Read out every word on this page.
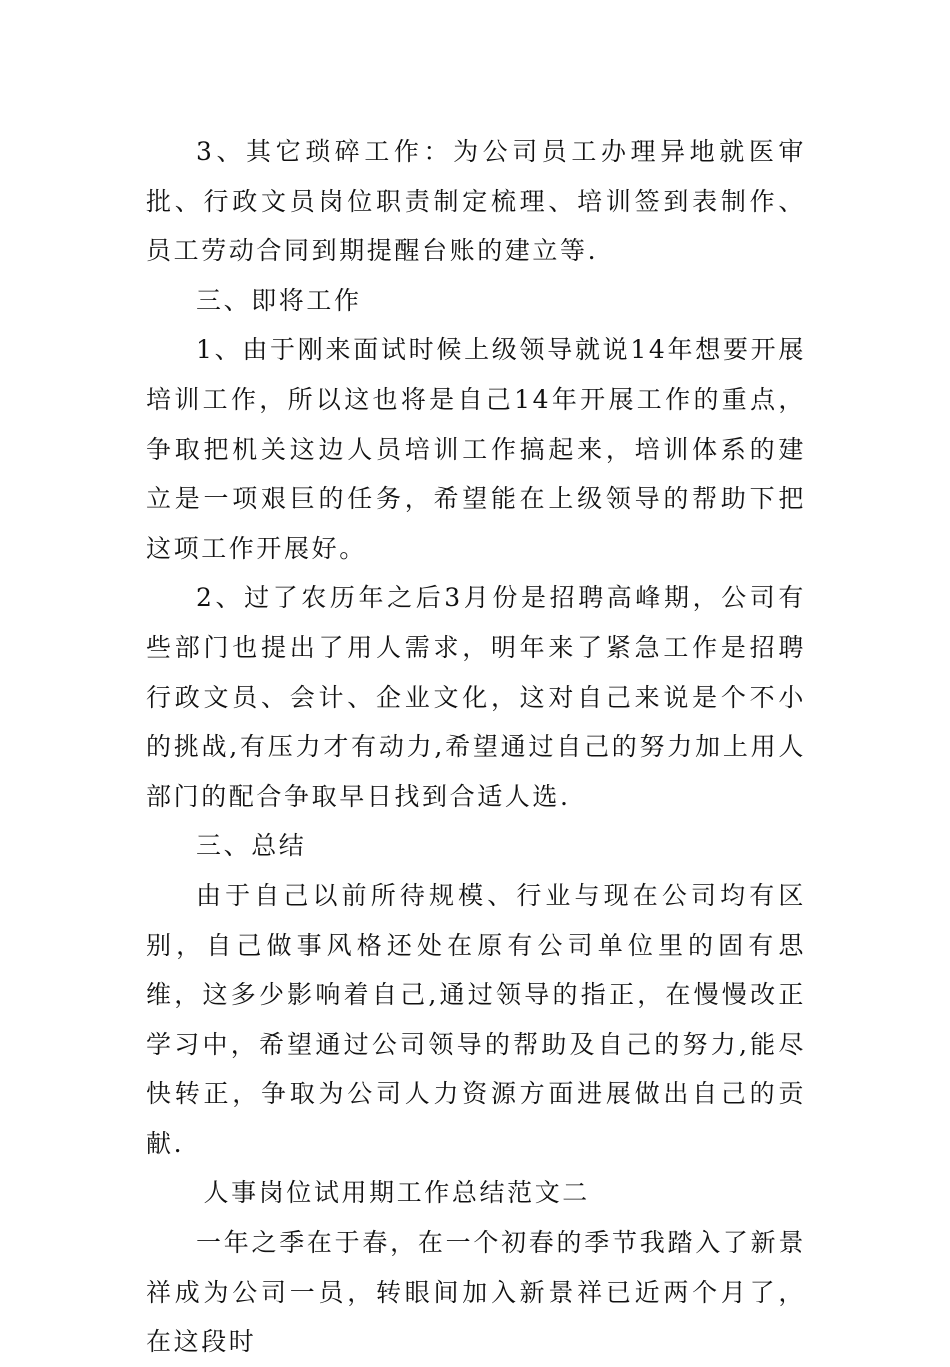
3、其它琐碎工作：为公司员工办理异地就医审批、行政文员岗位职责制定梳理、培训签到表制作、员工劳动合同到期提醒台账的建立等.

三、即将工作

1、由于刚来面试时候上级领导就说14年想要开展培训工作，所以这也将是自己14年开展工作的重点，争取把机关这边人员培训工作搞起来，培训体系的建立是一项艰巨的任务，希望能在上级领导的帮助下把这项工作开展好。

2、过了农历年之后3月份是招聘高峰期，公司有些部门也提出了用人需求，明年来了紧急工作是招聘行政文员、会计、企业文化，这对自己来说是个不小的挑战,有压力才有动力,希望通过自己的努力加上用人部门的配合争取早日找到合适人选.

三、总结

由于自己以前所待规模、行业与现在公司均有区别，自己做事风格还处在原有公司单位里的固有思维，这多少影响着自己,通过领导的指正，在慢慢改正学习中，希望通过公司领导的帮助及自己的努力,能尽快转正，争取为公司人力资源方面进展做出自己的贡献.

人事岗位试用期工作总结范文二

一年之季在于春，在一个初春的季节我踏入了新景祥成为公司一员，转眼间加入新景祥已近两个月了，在这段时
